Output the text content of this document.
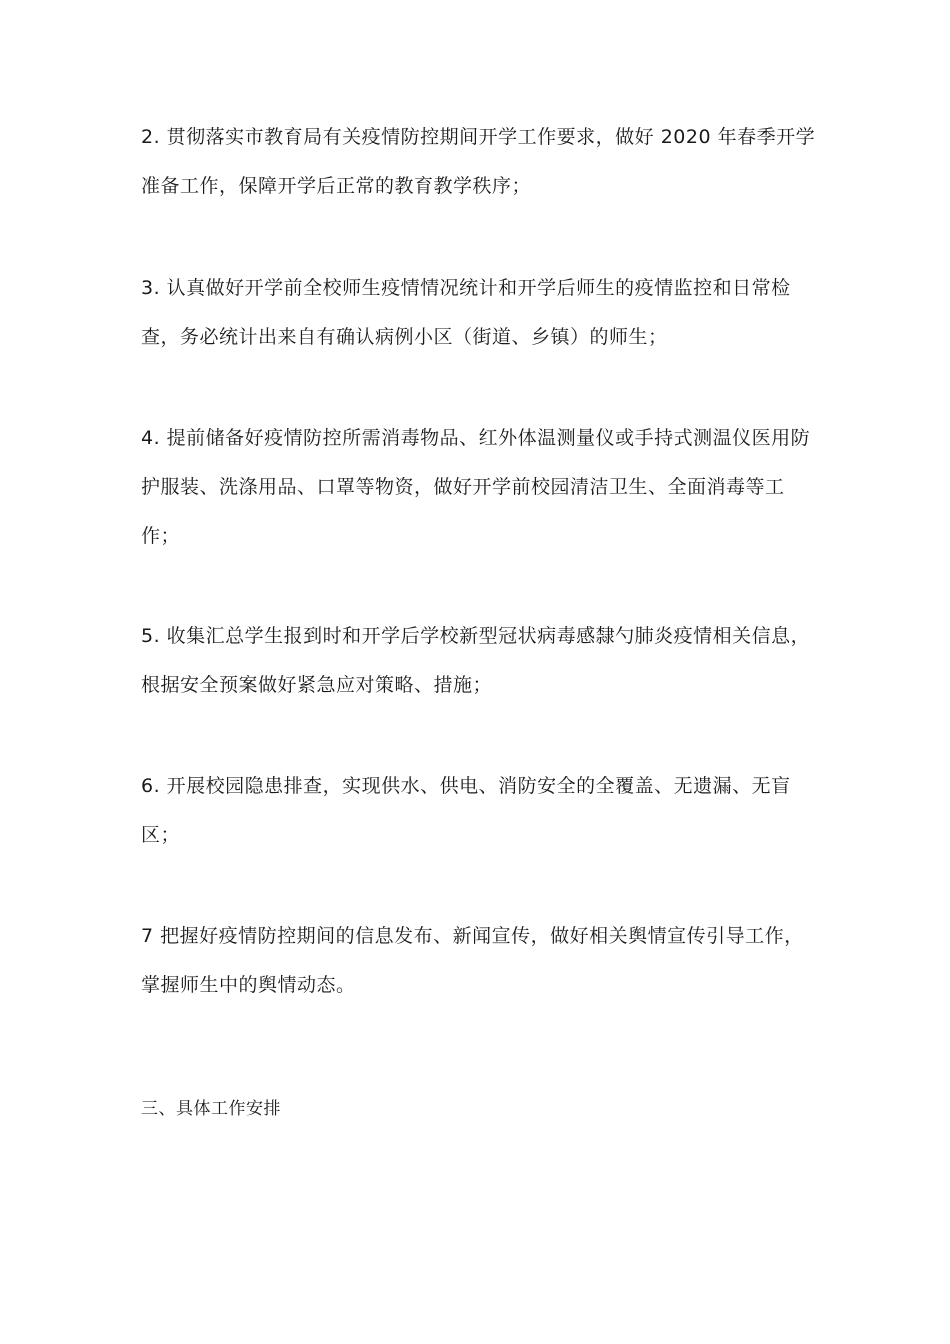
2. 贯彻落实市教育局有关疫情防控期间开学工作要求，做好 2020 年春季开学准备工作，保障开学后正常的教育教学秩序；

3. 认真做好开学前全校师生疫情情况统计和开学后师生的疫情监控和日常检查，务必统计出来自有确认病例小区（街道、乡镇）的师生；

4. 提前储备好疫情防控所需消毒物品、红外体温测量仪或手持式测温仪医用防护服装、洗涤用品、口罩等物资，做好开学前校园清洁卫生、全面消毒等工作；

5. 收集汇总学生报到时和开学后学校新型冠状病毒感隸勺肺炎疫情相关信息，根据安全预案做好紧急应对策略、措施；

6. 开展校园隐患排查，实现供水、供电、消防安全的全覆盖、无遗漏、无盲区；

7 把握好疫情防控期间的信息发布、新闻宣传，做好相关舆情宣传引导工作，掌握师生中的舆情动态。

三、具体工作安排
